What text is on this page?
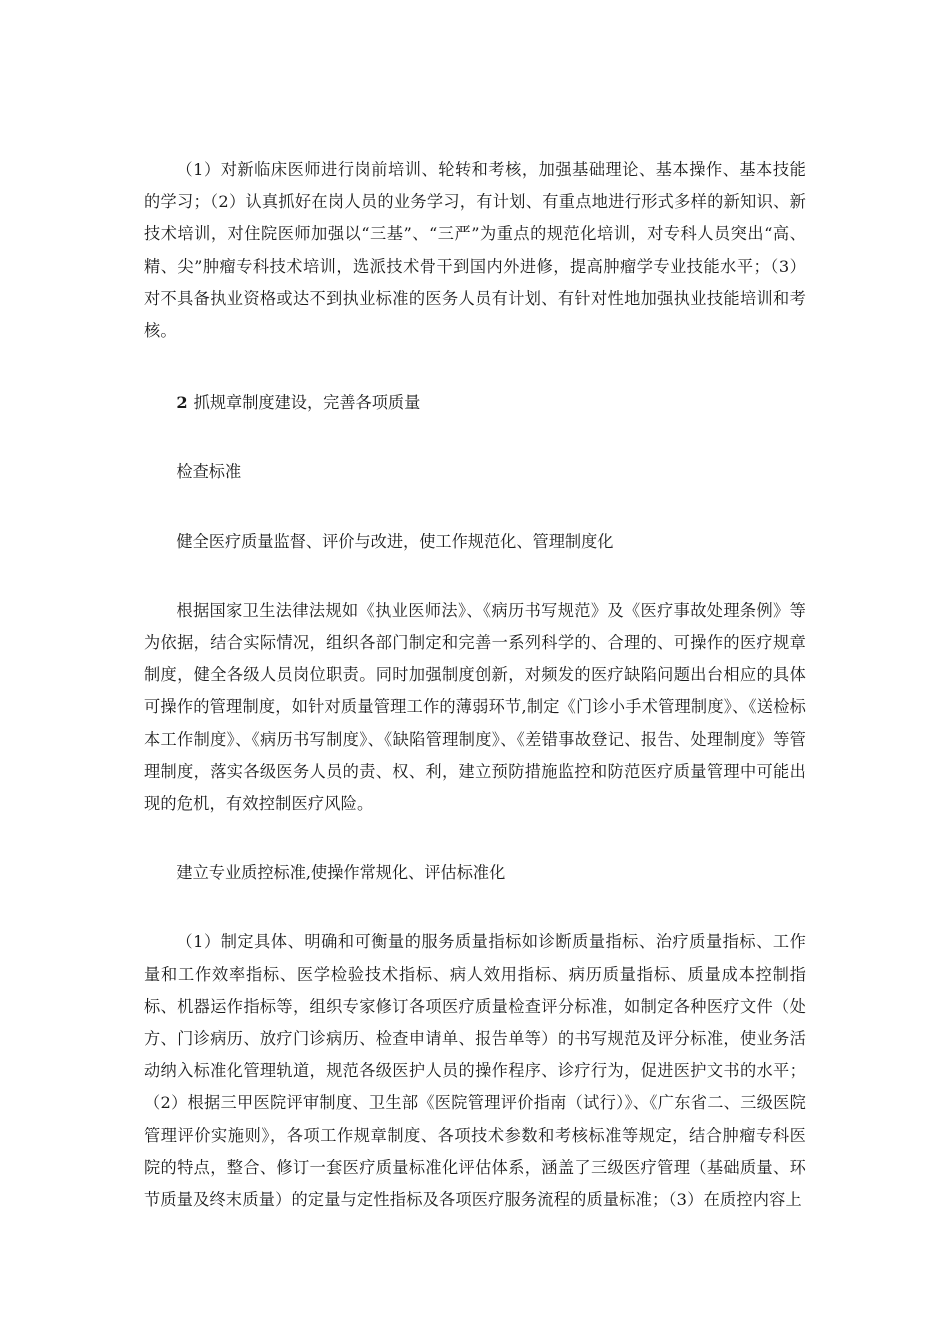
（1）对新临床医师进行岗前培训、轮转和考核，加强基础理论、基本操作、基本技能的学习；（2）认真抓好在岗人员的业务学习，有计划、有重点地进行形式多样的新知识、新技术培训，对住院医师加强以“三基”、“三严”为重点的规范化培训，对专科人员突出“高、精、尖”肿瘤专科技术培训，选派技术骨干到国内外进修，提高肿瘤学专业技能水平；（3）对不具备执业资格或达不到执业标准的医务人员有计划、有针对性地加强执业技能培训和考核。

2 抓规章制度建设，完善各项质量

检查标准

健全医疗质量监督、评价与改进，使工作规范化、管理制度化

根据国家卫生法律法规如《执业医师法》、《病历书写规范》及《医疗事故处理条例》等为依据，结合实际情况，组织各部门制定和完善一系列科学的、合理的、可操作的医疗规章制度，健全各级人员岗位职责。同时加强制度创新，对频发的医疗缺陷问题出台相应的具体可操作的管理制度，如针对质量管理工作的薄弱环节,制定《门诊小手术管理制度》、《送检标本工作制度》、《病历书写制度》、《缺陷管理制度》、《差错事故登记、报告、处理制度》等管理制度，落实各级医务人员的责、权、利，建立预防措施监控和防范医疗质量管理中可能出现的危机，有效控制医疗风险。

建立专业质控标准,使操作常规化、评估标准化

（1）制定具体、明确和可衡量的服务质量指标如诊断质量指标、治疗质量指标、工作量和工作效率指标、医学检验技术指标、病人效用指标、病历质量指标、质量成本控制指标、机器运作指标等，组织专家修订各项医疗质量检查评分标准，如制定各种医疗文件（处方、门诊病历、放疗门诊病历、检查申请单、报告单等）的书写规范及评分标准，使业务活动纳入标准化管理轨道，规范各级医护人员的操作程序、诊疗行为，促进医护文书的水平；（2）根据三甲医院评审制度、卫生部《医院管理评价指南（试行）》、《广东省二、三级医院管理评价实施则》，各项工作规章制度、各项技术参数和考核标准等规定，结合肿瘤专科医院的特点，整合、修订一套医疗质量标准化评估体系，涵盖了三级医疗管理（基础质量、环节质量及终末质量）的定量与定性指标及各项医疗服务流程的质量标准；（3）在质控内容上
